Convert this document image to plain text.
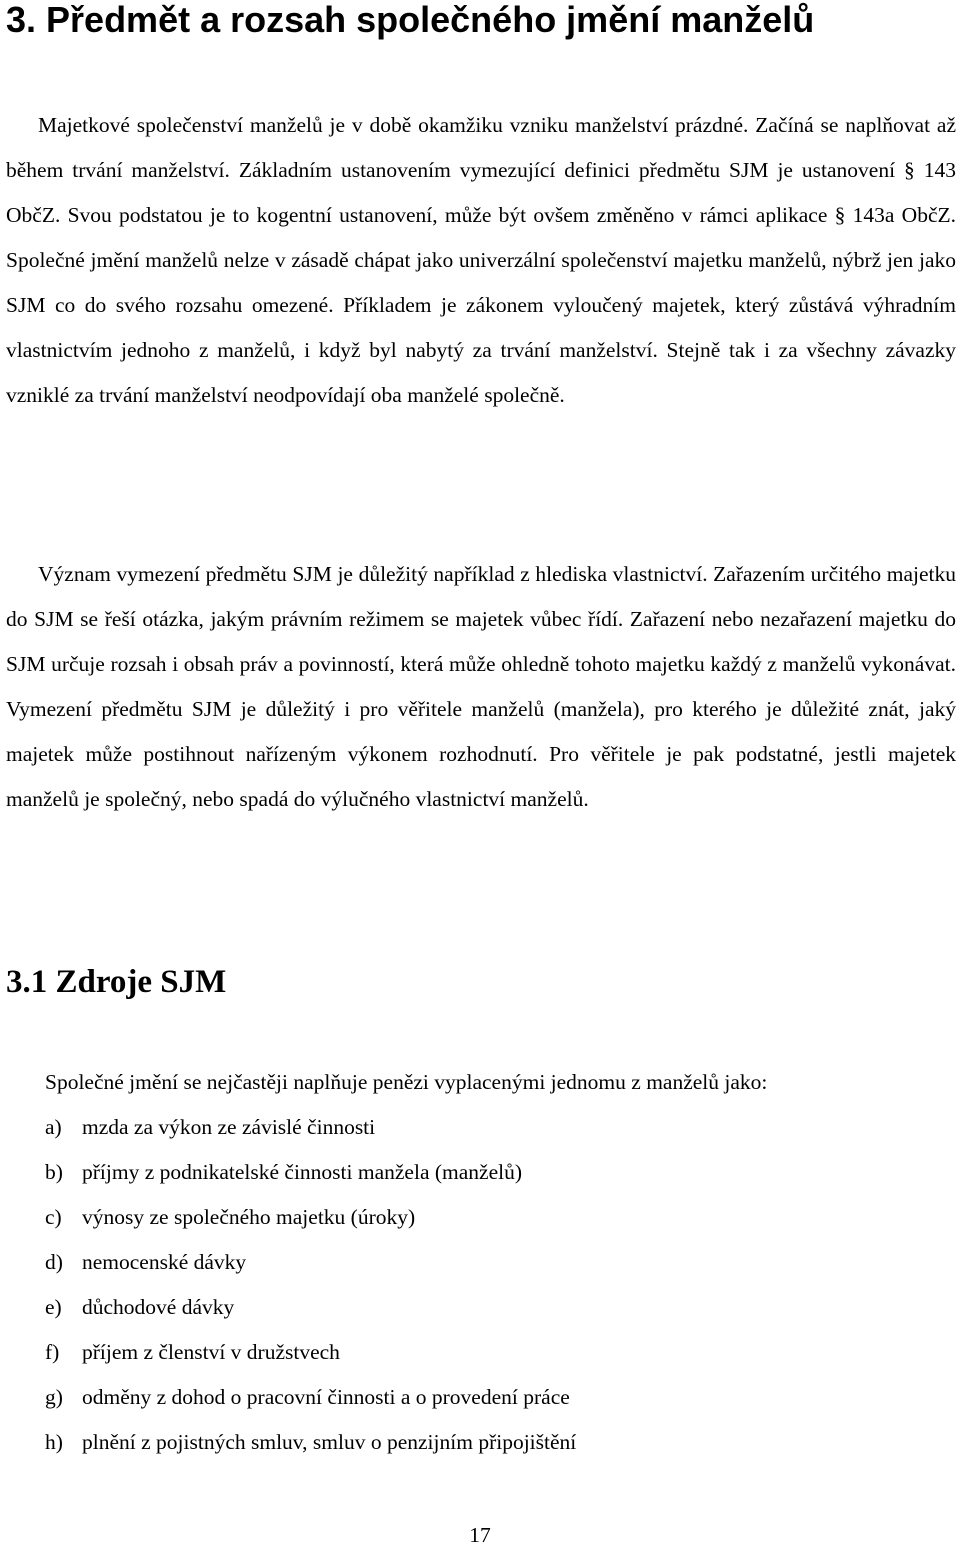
3. Předmět a rozsah společného jmění manželů

Majetkové společenství manželů je v době okamžiku vzniku manželství prázdné. Začíná se naplňovat až během trvání manželství. Základním ustanovením vymezující definici předmětu SJM je ustanovení § 143 ObčZ. Svou podstatou je to kogentní ustanovení, může být ovšem změněno v rámci aplikace § 143a ObčZ. Společné jmění manželů nelze v zásadě chápat jako univerzální společenství majetku manželů, nýbrž jen jako SJM co do svého rozsahu omezené. Příkladem je zákonem vyloučený majetek, který zůstává výhradním vlastnictvím jednoho z manželů, i když byl nabytý za trvání manželství. Stejně tak i za všechny závazky vzniklé za trvání manželství neodpovídají oba manželé společně.

Význam vymezení předmětu SJM je důležitý například z hlediska vlastnictví. Zařazením určitého majetku do SJM se řeší otázka, jakým právním režimem se majetek vůbec řídí. Zařazení nebo nezařazení majetku do SJM určuje rozsah i obsah práv a povinností, která může ohledně tohoto majetku každý z manželů vykonávat. Vymezení předmětu SJM je důležitý i pro věřitele manželů (manžela), pro kterého je důležité znát, jaký majetek může postihnout nařízeným výkonem rozhodnutí. Pro věřitele je pak podstatné, jestli majetek manželů je společný, nebo spadá do výlučného vlastnictví manželů.

3.1 Zdroje SJM

Společné jmění se nejčastěji naplňuje penězi vyplacenými jednomu z manželů jako:

a) mzda za výkon ze závislé činnosti
b) příjmy z podnikatelské činnosti manžela (manželů)
c) výnosy ze společného majetku (úroky)
d) nemocenské dávky
e) důchodové dávky
f) příjem z členství v družstvech
g) odměny z dohod o pracovní činnosti a o provedení práce
h) plnění z pojistných smluv, smluv o penzijním připojištění

17
